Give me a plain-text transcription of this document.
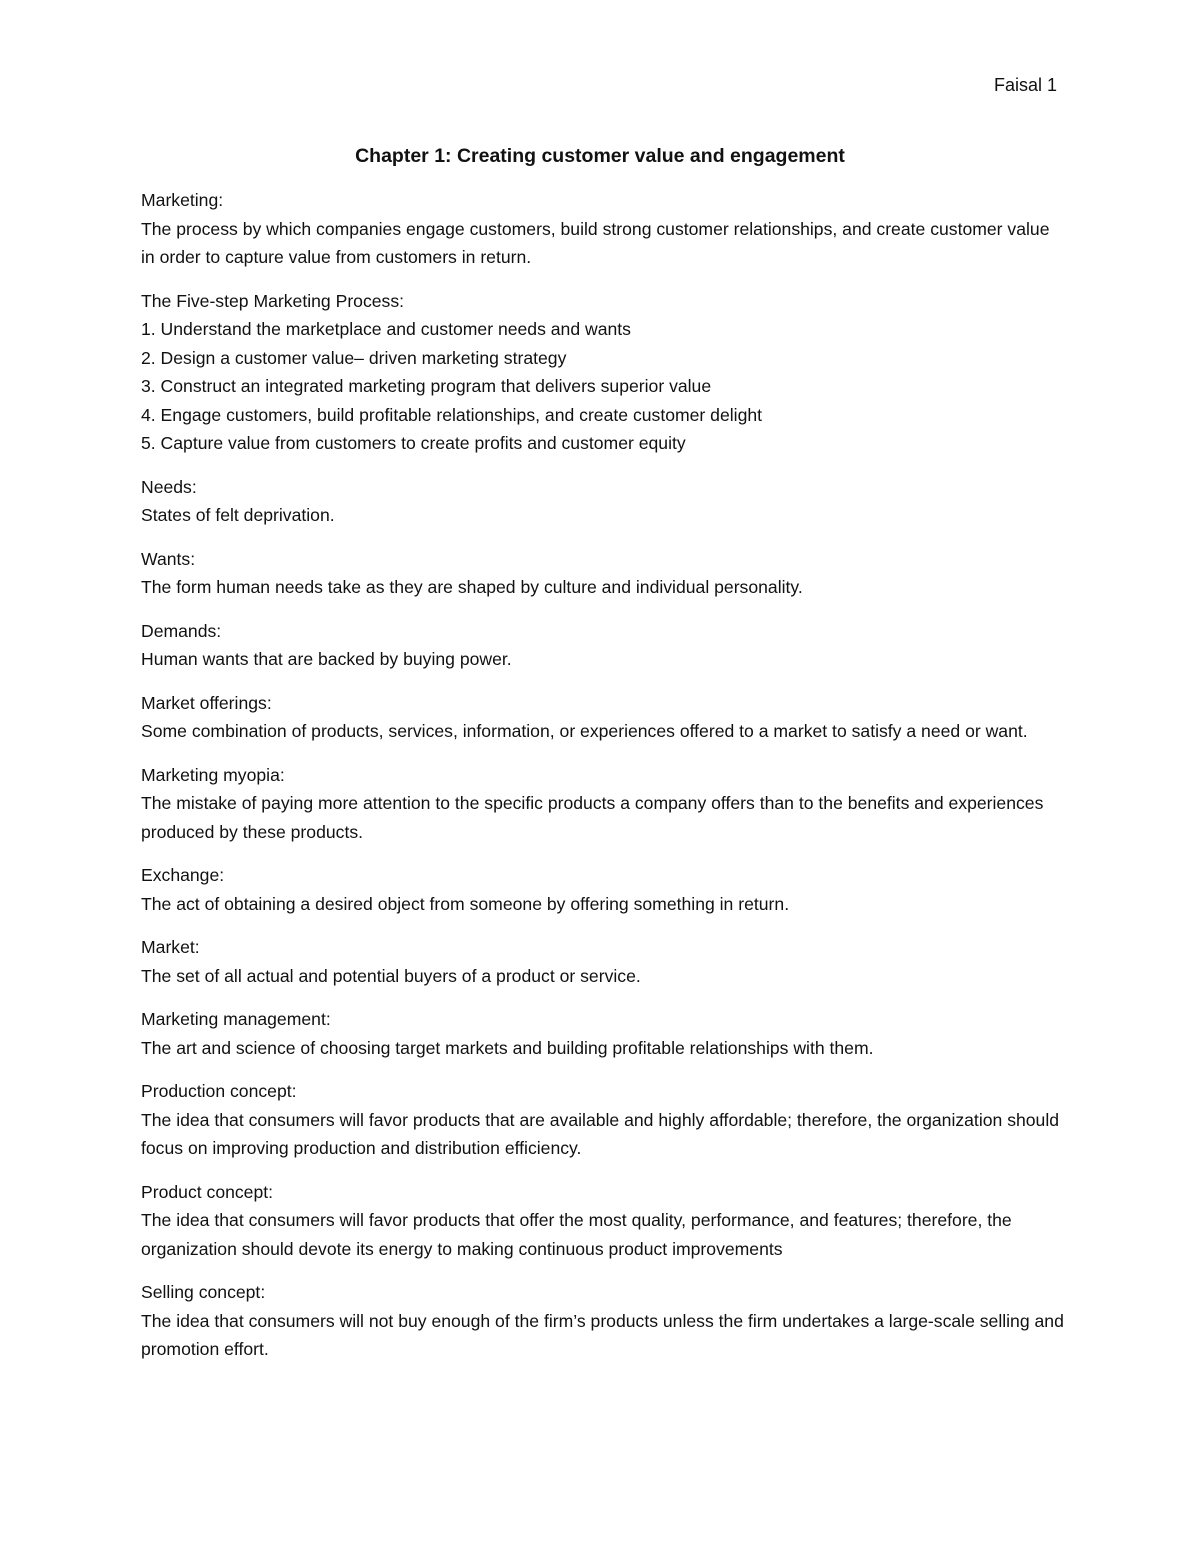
Faisal 1
Chapter 1: Creating customer value and engagement

Marketing:
The process by which companies engage customers, build strong customer relationships, and create customer value in order to capture value from customers in return.

The Five-step Marketing Process:
1. Understand the marketplace and customer needs and wants
2. Design a customer value– driven marketing strategy
3. Construct an integrated marketing program that delivers superior value
4. Engage customers, build profitable relationships, and create customer delight
5. Capture value from customers to create profits and customer equity

Needs:
States of felt deprivation.

Wants:
The form human needs take as they are shaped by culture and individual personality.

Demands:
Human wants that are backed by buying power.

Market offerings:
Some combination of products, services, information, or experiences offered to a market to satisfy a need or want.

Marketing myopia:
The mistake of paying more attention to the specific products a company offers than to the benefits and experiences produced by these products.

Exchange:
The act of obtaining a desired object from someone by offering something in return.

Market:
The set of all actual and potential buyers of a product or service.

Marketing management:
The art and science of choosing target markets and building profitable relationships with them.

Production concept:
The idea that consumers will favor products that are available and highly affordable; therefore, the organization should focus on improving production and distribution efficiency.

Product concept:
The idea that consumers will favor products that offer the most quality, performance, and features; therefore, the organization should devote its energy to making continuous product improvements

Selling concept:
The idea that consumers will not buy enough of the firm’s products unless the firm undertakes a large-scale selling and promotion effort.
